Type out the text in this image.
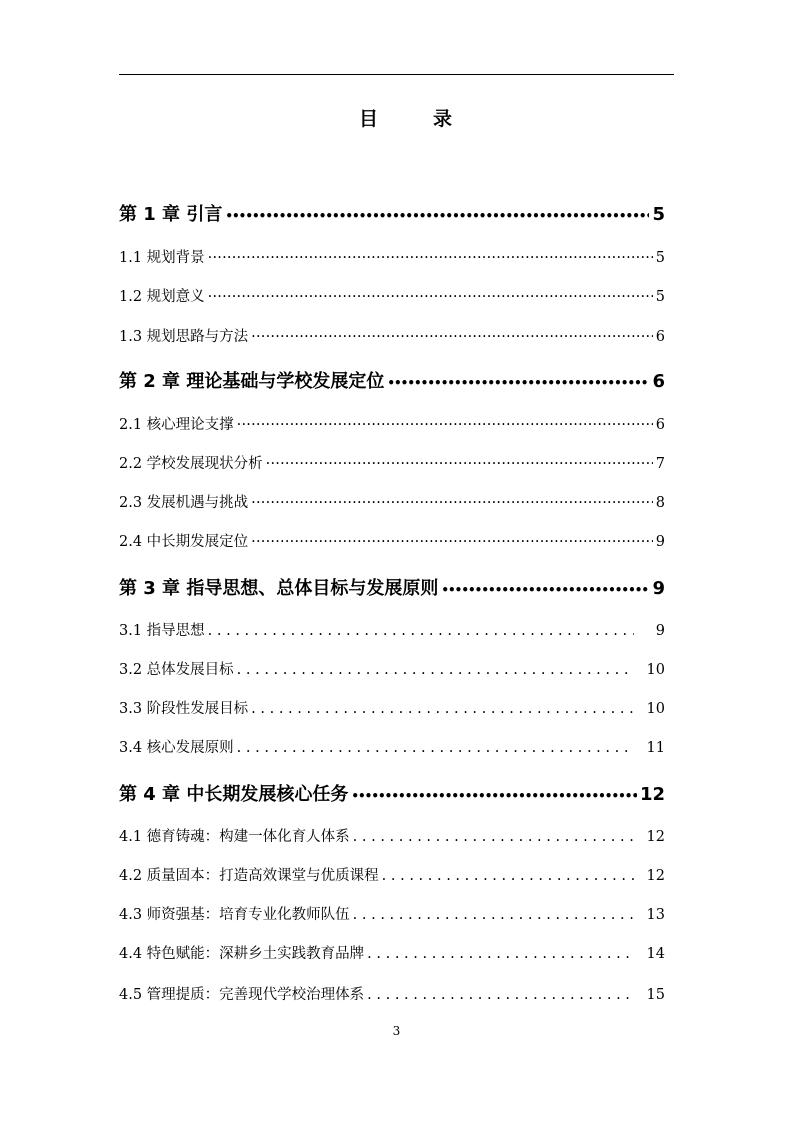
目　录
第 1 章 引言 •••••	5
1.1 规划背景 ·····	5
1.2 规划意义 ·····	5
1.3 规划思路与方法 ·····	6
第 2 章 理论基础与学校发展定位 •••••	6
2.1 核心理论支撑 ·····	6
2.2 学校发展现状分析 ·····	7
2.3 发展机遇与挑战 ·····	8
2.4 中长期发展定位 ·····	9
第 3 章 指导思想、总体目标与发展原则 •••••	9
3.1 指导思想 . . .	9
3.2 总体发展目标 . . .	10
3.3 阶段性发展目标 . . .	10
3.4 核心发展原则 . . .	11
第 4 章 中长期发展核心任务 •••••	12
4.1 德育铸魂：构建一体化育人体系 . . .	12
4.2 质量固本：打造高效课堂与优质课程 . . .	12
4.3 师资强基：培育专业化教师队伍 . . .	13
4.4 特色赋能：深耕乡土实践教育品牌 . . .	14
4.5 管理提质：完善现代学校治理体系 . . .	15
3
